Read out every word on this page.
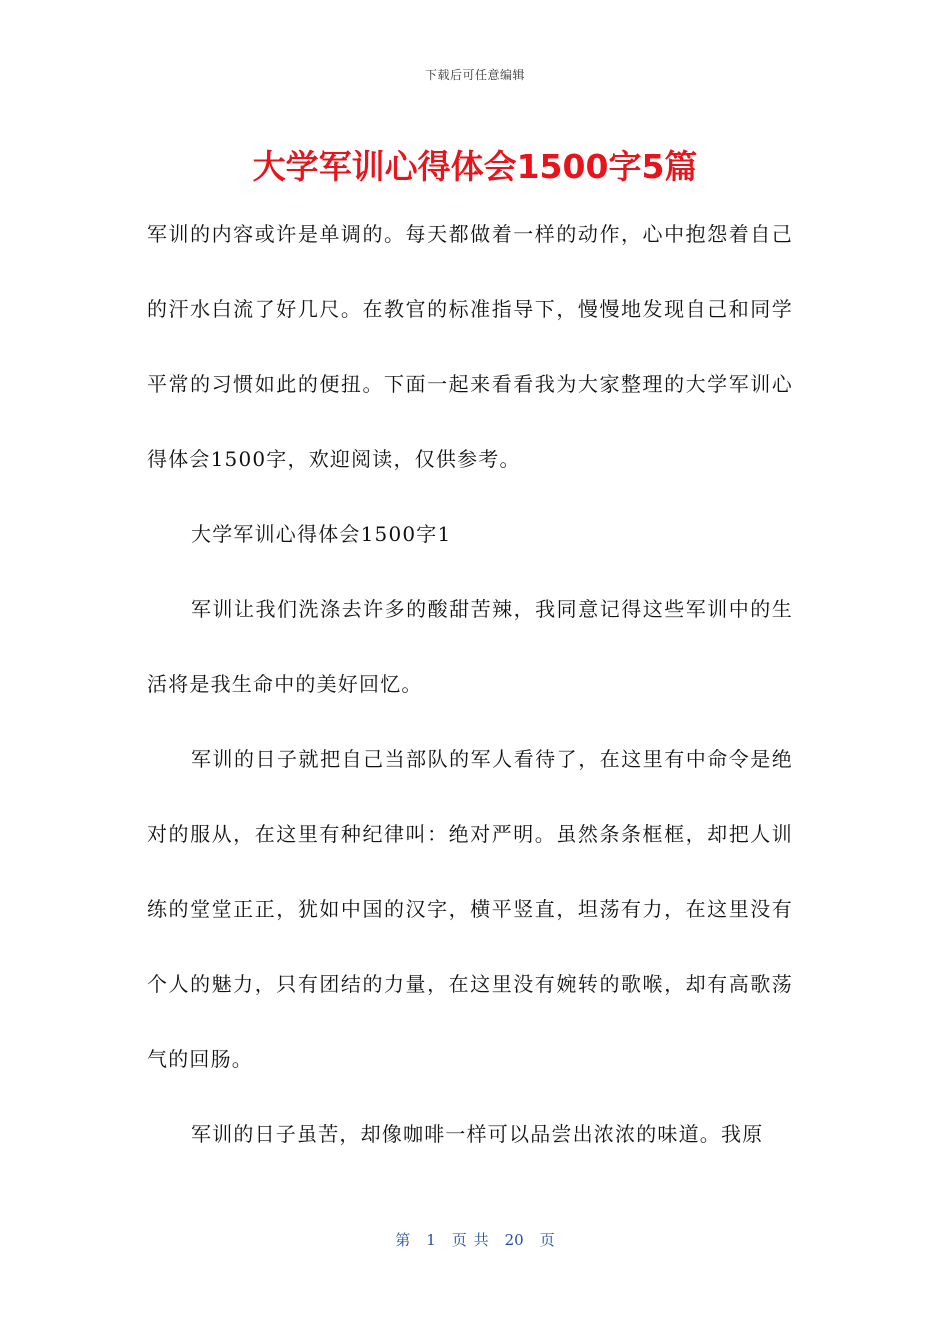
下载后可任意编辑
大学军训心得体会1500字5篇

军训的内容或许是单调的。每天都做着一样的动作，心中抱怨着自己的汗水白流了好几尺。在教官的标准指导下，慢慢地发现自己和同学平常的习惯如此的便扭。下面一起来看看我为大家整理的大学军训心得体会1500字，欢迎阅读，仅供参考。

大学军训心得体会1500字1

军训让我们洗涤去许多的酸甜苦辣，我同意记得这些军训中的生活将是我生命中的美好回忆。

军训的日子就把自己当部队的军人看待了，在这里有中命令是绝对的服从，在这里有种纪律叫：绝对严明。虽然条条框框，却把人训练的堂堂正正，犹如中国的汉字，横平竖直，坦荡有力，在这里没有个人的魅力，只有团结的力量，在这里没有婉转的歌喉，却有高歌荡气的回肠。

军训的日子虽苦，却像咖啡一样可以品尝出浓浓的味道。我原

第 1 页 共 20 页
